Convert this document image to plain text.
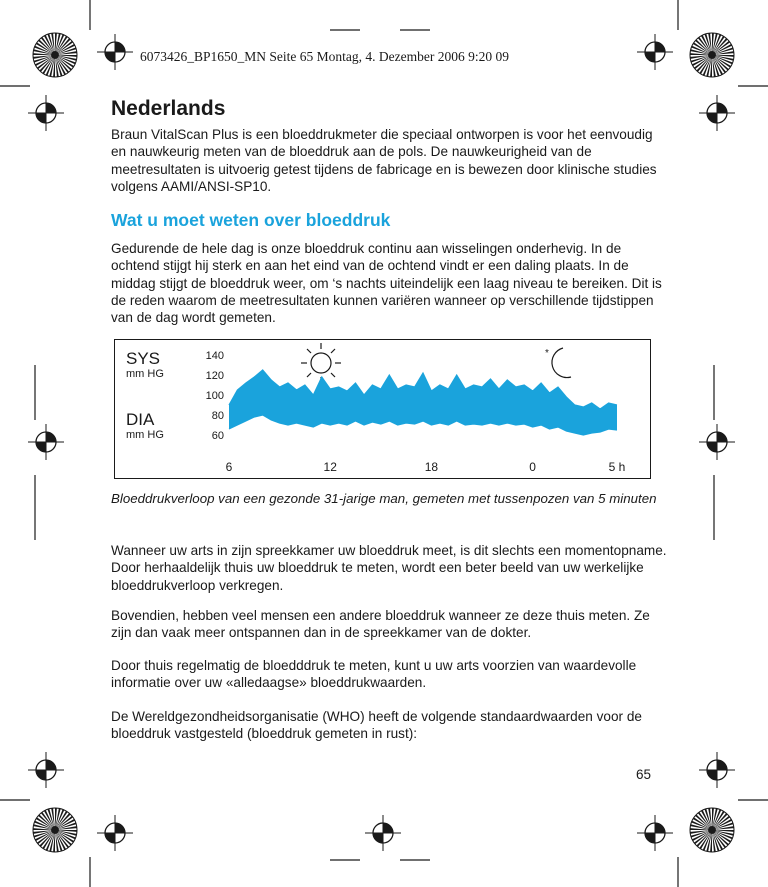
6073426_BP1650_MN Seite 65 Montag, 4. Dezember 2006 9:20 09
Nederlands

Braun VitalScan Plus is een bloeddrukmeter die speciaal ontworpen is voor het eenvoudig en nauwkeurig meten van de bloeddruk aan de pols. De nauwkeurigheid van de meetresultaten is uitvoerig getest tijdens de fabricage en is bewezen door klinische studies volgens AAMI/ANSI-SP10.

Wat u moet weten over bloeddruk

Gedurende de hele dag is onze bloeddruk continu aan wisselingen onderhevig. In de ochtend stijgt hij sterk en aan het eind van de ochtend vindt er een daling plaats. In de middag stijgt de bloeddruk weer, om ‘s nachts uiteindelijk een laag niveau te bereiken. Dit is de reden waarom de meetresultaten kunnen variëren wanneer op verschillende tijdstippen van de dag wordt gemeten.

*
140
120
100
80
60
6	12	18	0	5 h
SYS
mm HG
DIA
mm HG

Bloeddrukverloop van een gezonde 31-jarige man, gemeten met tussenpozen van 5 minuten

Wanneer uw arts in zijn spreekkamer uw bloeddruk meet, is dit slechts een momentopname. Door herhaaldelijk thuis uw bloeddruk te meten, wordt een beter beeld van uw werkelijke bloeddrukverloop verkregen.

Bovendien, hebben veel mensen een andere bloeddruk wanneer ze deze thuis meten. Ze zijn dan vaak meer ontspannen dan in de spreekkamer van de dokter.

Door thuis regelmatig de bloedddruk te meten, kunt u uw arts voorzien van waardevolle informatie over uw «alledaagse» bloeddrukwaarden.

De Wereldgezondheidsorganisatie (WHO) heeft de volgende standaardwaarden voor de bloeddruk vastgesteld (bloeddruk gemeten in rust):

65
